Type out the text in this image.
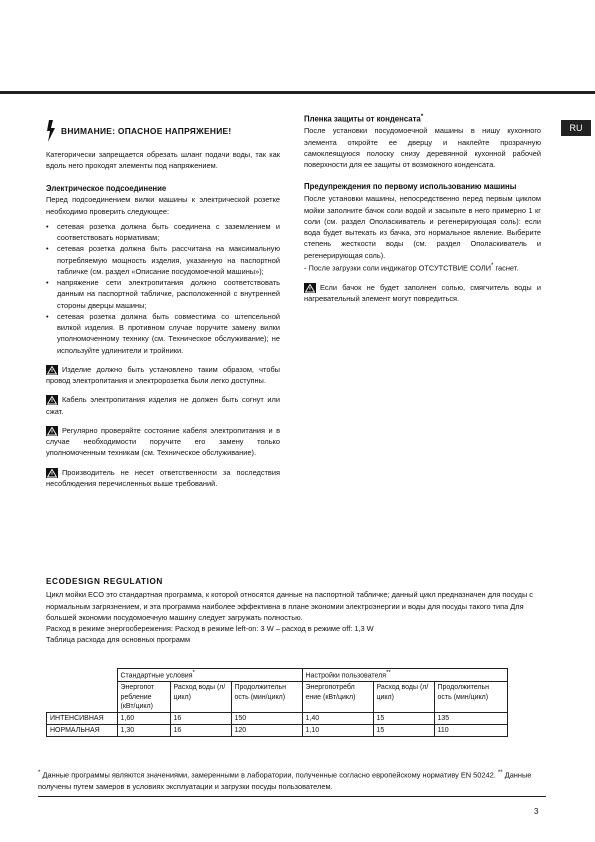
RU
ВНИМАНИЕ: ОПАСНОЕ НАПРЯЖЕНИЕ!

Категорически запрещается обрезать шланг подачи воды, так как вдоль него проходят элементы под напряжением.

Электрическое подсоединение

Перед подсоединением вилки машины к электрической розетке необходимо проверить следующее:

• сетевая розетка должна быть соединена с заземлением и соответствовать нормативам;
• сетевая розетка должна быть рассчитана на максимальную потребляемую мощность изделия, указанную на паспортной табличке (см. раздел «Описание посудомоечной машины»);
• напряжение сети электропитания должно соответствовать данным на паспортной табличке, расположенной с внутренней стороны дверцы машины;
• сетевая розетка должна быть совместима со штепсельной вилкой изделия. В противном случае поручите замену вилки уполномоченному технику (см. Техническое обслуживание); не используйте удлинители и тройники.

Изделие должно быть установлено таким образом, чтобы провод электропитания и электророзетка были легко доступны.

Кабель электропитания изделия не должен быть согнут или сжат.

Регулярно проверяйте состояние кабеля электропитания и в случае необходимости поручите его замену только уполномоченным техникам (см. Техническое обслуживание).

Производитель не несет ответственности за последствия несоблюдения перечисленных выше требований.

Пленка защиты от конденсата*

После установки посудомоечной машины в нишу кухонного элемента откройте ее дверцу и наклейте прозрачную самоклеящуюся полоску снизу деревянной кухонной рабочей поверхности для ее защиты от возможного конденсата.

Предупреждения по первому использованию машины

После установки машины, непосредственно перед первым циклом мойки заполните бачок соли водой и засыпьте в него примерно 1 кг соли (см. раздел Ополаскиватель и регенерирующая соль): если вода будет вытекать из бачка, это нормальное явление. Выберите степень жесткости воды (см. раздел Ополаскиватель и регенерирующая соль).

- После загрузки соли индикатор ОТСУТСТВИЕ СОЛИ* гаснет.

Если бачок не будет заполнен солью, смягчитель воды и нагревательный элемент могут повредиться.

ECODESIGN REGULATION

Цикл мойки ECO это стандартная программа, к которой относятся данные на паспортной табличке; данный цикл предназначен для посуды с нормальным загрязнением, и эта программа наиболее эффективна в плане экономии электроэнергии и воды для посуды такого типа Для большей экономии посудомоечную машину следует загружать полностью.

Расход в режиме энергосбережения: Расход в режиме left-on: 3 W – расход в режиме off: 1,3 W

Таблица расхода для основных программ

	Стандартные условия*			Настройки пользователя**
	Энергопот ребление (кВт/цикл)	Расход воды (л/цикл)	Продолжительн ость (мин/цикл)	Энергопотребл ение (кВт/цикл)	Расход воды (л/цикл)	Продолжительн ость (мин/цикл)
ИНТЕНСИВНАЯ	1,60	16	150	1,40	15	135
НОРМАЛЬНАЯ	1,30	16	120	1,10	15	110

* Данные программы являются значениями, замеренными в лаборатории, полученные согласно европейскому нормативу EN 50242. ** Данные получены путем замеров в условиях эксплуатации и загрузки посуды пользователем.

3
